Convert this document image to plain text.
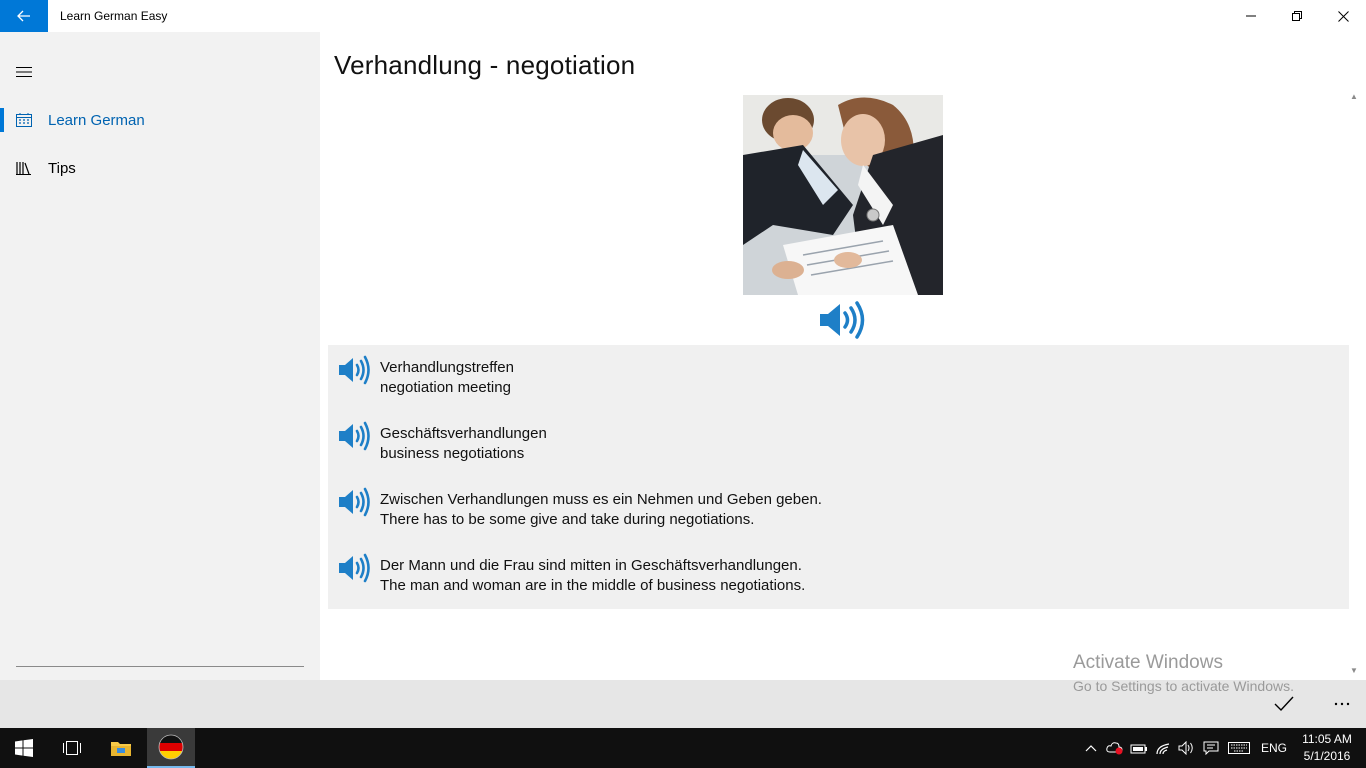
Learn German Easy
Learn German
Tips
Verhandlung - negotiation
Verhandlungstreffen
negotiation meeting
Geschäftsverhandlungen
business negotiations
Zwischen Verhandlungen muss es ein Nehmen und Geben geben.
There has to be some give and take during negotiations.
Der Mann und die Frau sind mitten in Geschäftsverhandlungen.
The man and woman are in the middle of business negotiations.
▲
▼
Activate Windows
Go to Settings to activate Windows.
ENG
11:05 AM
5/1/2016
